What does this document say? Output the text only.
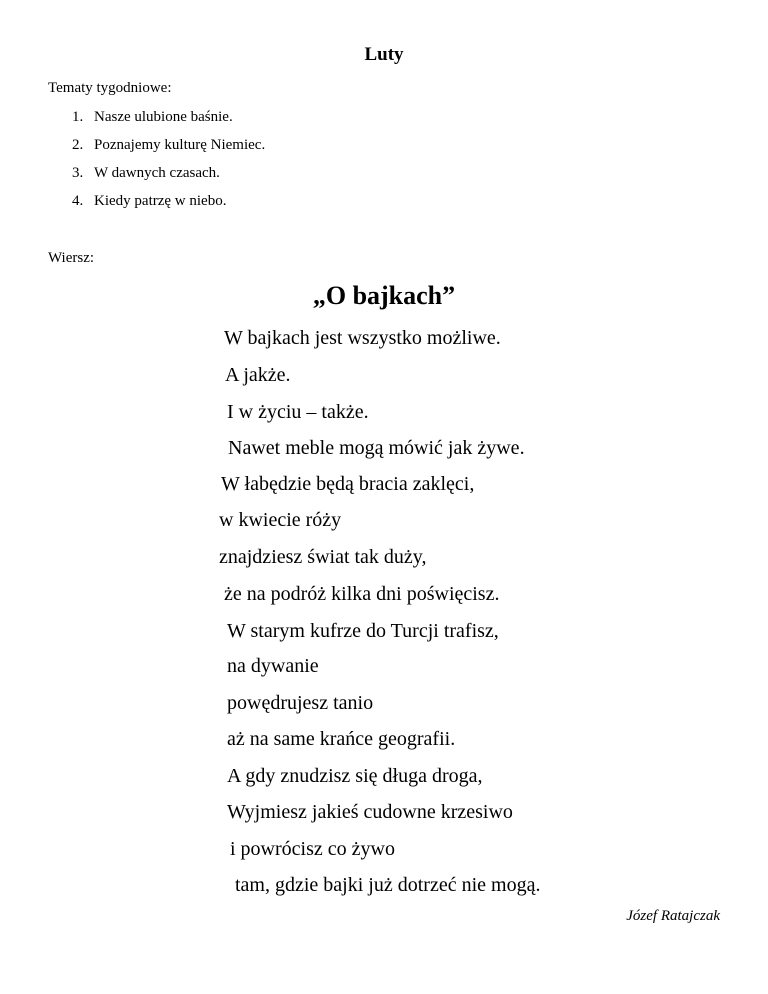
Luty
Tematy tygodniowe:
1. Nasze ulubione baśnie.
2. Poznajemy kulturę Niemiec.
3. W dawnych czasach.
4. Kiedy patrzę w niebo.
Wiersz:
„O bajkach”
W bajkach jest wszystko możliwe.
A jakże.
I w życiu – także.
Nawet meble mogą mówić jak żywe.
W łabędzie będą bracia zaklęci,
w kwiecie róży
znajdziesz świat tak duży,
że na podróż kilka dni poświęcisz.
W starym kufrze do Turcji trafisz,
na dywanie
powędrujesz tanio
aż na same krańce geografii.
A gdy znudzisz się długa droga,
Wyjmiesz jakieś cudowne krzesiwo
i powrócisz co żywo
tam, gdzie bajki już dotrzeć nie mogą.
Józef Ratajczak
